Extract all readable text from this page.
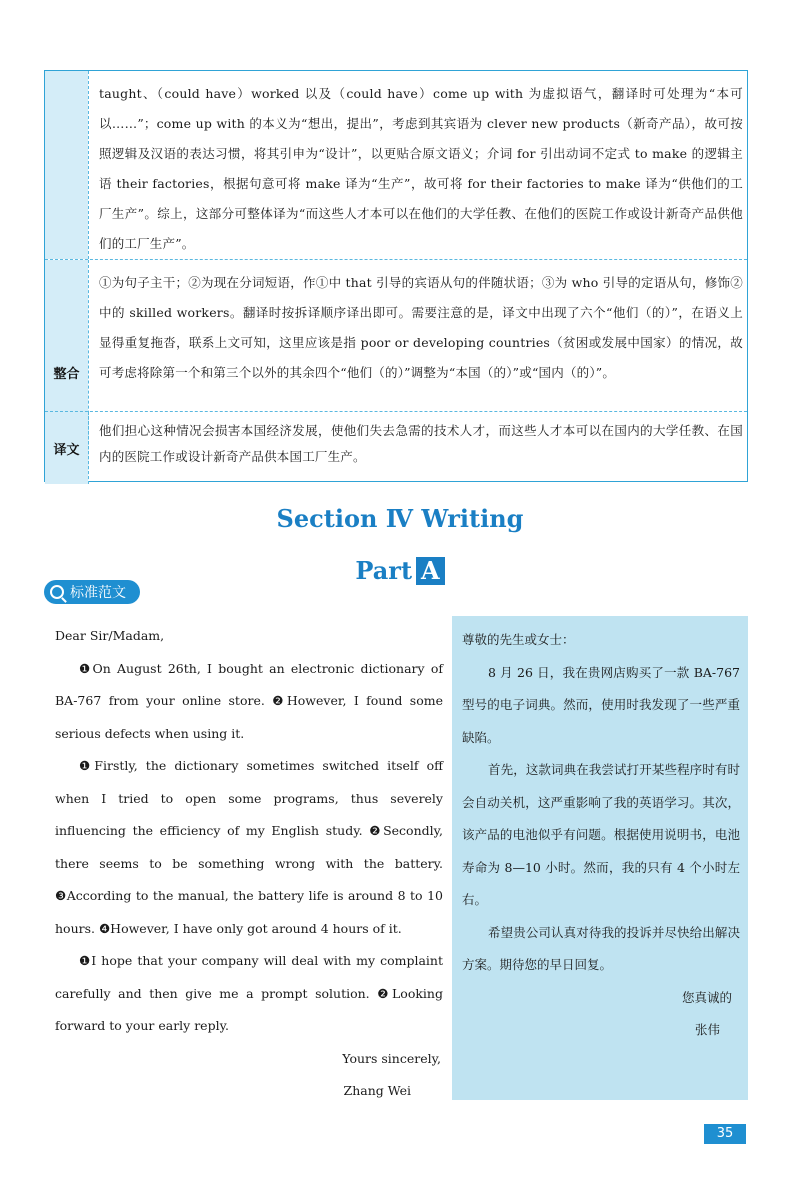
taught、（could have）worked 以及（could have）come up with 为虚拟语气，翻译时可处理为“本可以……”；come up with 的本义为“想出，提出”，考虑到其宾语为 clever new products（新奇产品），故可按照逻辑及汉语的表达习惯，将其引申为“设计”，以更贴合原文语义；介词 for 引出动词不定式 to make 的逻辑主语 their factories，根据句意可将 make 译为“生产”，故可将 for their factories to make 译为“供他们的工厂生产”。综上，这部分可整体译为“而这些人才本可以在他们的大学任教、在他们的医院工作或设计新奇产品供他们的工厂生产”。
整合
①为句子主干；②为现在分词短语，作①中 that 引导的宾语从句的伴随状语；③为 who 引导的定语从句，修饰②中的 skilled workers。翻译时按拆译顺序译出即可。需要注意的是，译文中出现了六个“他们（的）”，在语义上显得重复拖沓，联系上文可知，这里应该是指 poor or developing countries（贫困或发展中国家）的情况，故可考虑将除第一个和第三个以外的其余四个“他们（的）”调整为“本国（的）”或“国内（的）”。
译文
他们担心这种情况会损害本国经济发展，使他们失去急需的技术人才，而这些人才本可以在国内的大学任教、在国内的医院工作或设计新奇产品供本国工厂生产。
Section Ⅳ Writing
Part A
标准范文

Dear Sir/Madam,

❶On August 26th, I bought an electronic dictionary of BA-767 from your online store. ❷However, I found some serious defects when using it.

❶Firstly, the dictionary sometimes switched itself off when I tried to open some programs, thus severely influencing the efficiency of my English study. ❷Secondly, there seems to be something wrong with the battery. ❸According to the manual, the battery life is around 8 to 10 hours. ❹However, I have only got around 4 hours of it.

❶I hope that your company will deal with my complaint carefully and then give me a prompt solution. ❷Looking forward to your early reply.

Yours sincerely,

Zhang Wei

尊敬的先生或女士：

8 月 26 日，我在贵网店购买了一款 BA-767 型号的电子词典。然而，使用时我发现了一些严重缺陷。

首先，这款词典在我尝试打开某些程序时有时会自动关机，这严重影响了我的英语学习。其次，该产品的电池似乎有问题。根据使用说明书，电池寿命为 8—10 小时。然而，我的只有 4 个小时左右。

希望贵公司认真对待我的投诉并尽快给出解决方案。期待您的早日回复。

您真诚的

张伟

35
